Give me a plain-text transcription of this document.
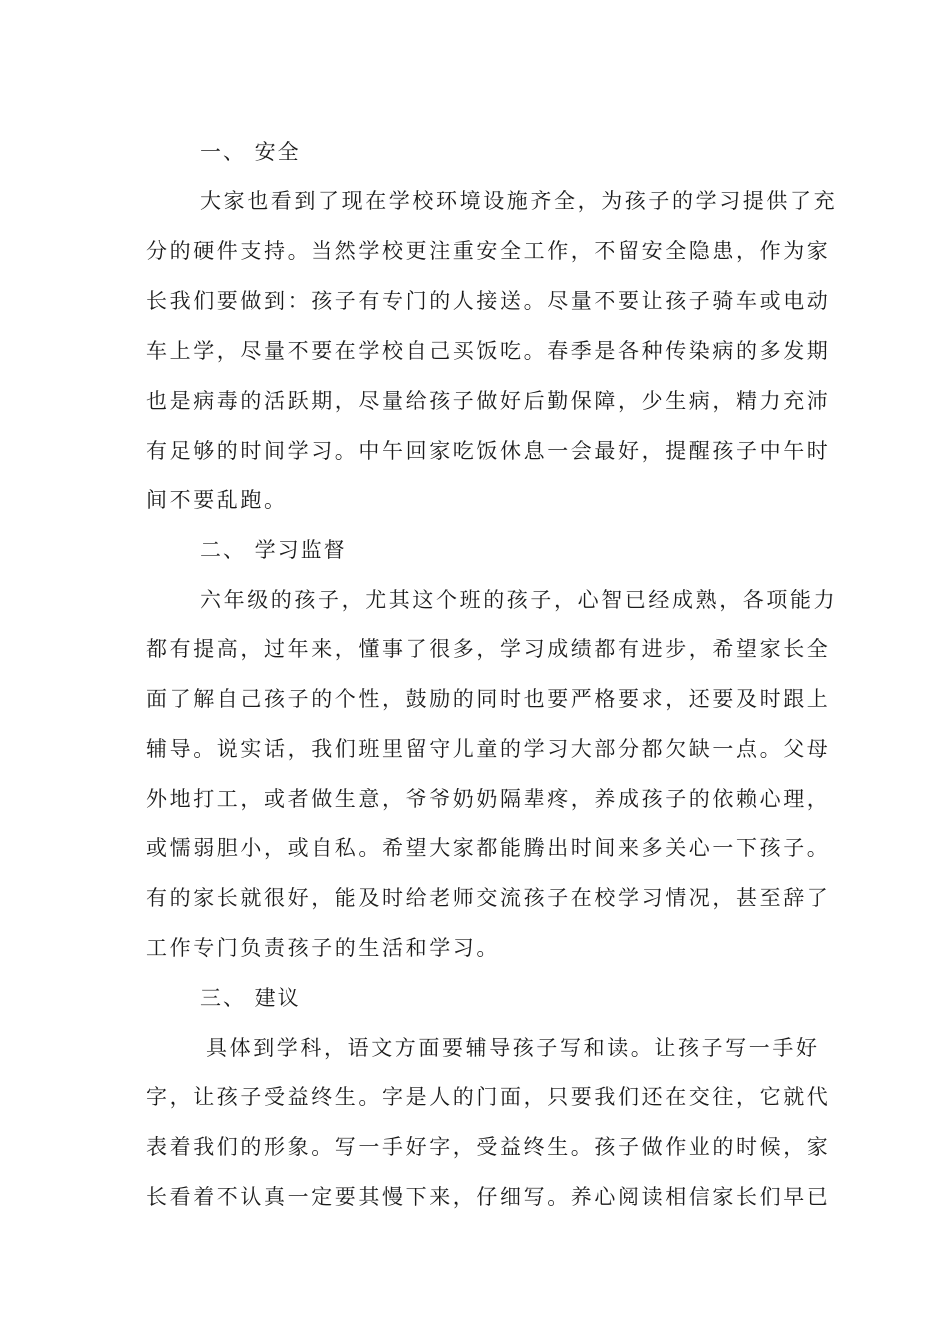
一、 安全
大家也看到了现在学校环境设施齐全，为孩子的学习提供了充
分的硬件支持。当然学校更注重安全工作，不留安全隐患，作为家
长我们要做到：孩子有专门的人接送。尽量不要让孩子骑车或电动
车上学，尽量不要在学校自己买饭吃。春季是各种传染病的多发期
也是病毒的活跃期，尽量给孩子做好后勤保障，少生病，精力充沛
有足够的时间学习。中午回家吃饭休息一会最好，提醒孩子中午时
间不要乱跑。
二、 学习监督
六年级的孩子，尤其这个班的孩子，心智已经成熟，各项能力
都有提高，过年来，懂事了很多，学习成绩都有进步，希望家长全
面了解自己孩子的个性，鼓励的同时也要严格要求，还要及时跟上
辅导。说实话，我们班里留守儿童的学习大部分都欠缺一点。父母
外地打工，或者做生意，爷爷奶奶隔辈疼，养成孩子的依赖心理，
或懦弱胆小，或自私。希望大家都能腾出时间来多关心一下孩子。
有的家长就很好，能及时给老师交流孩子在校学习情况，甚至辞了
工作专门负责孩子的生活和学习。
三、 建议
具体到学科，语文方面要辅导孩子写和读。让孩子写一手好
字，让孩子受益终生。字是人的门面，只要我们还在交往，它就代
表着我们的形象。写一手好字，受益终生。孩子做作业的时候，家
长看着不认真一定要其慢下来，仔细写。养心阅读相信家长们早已
